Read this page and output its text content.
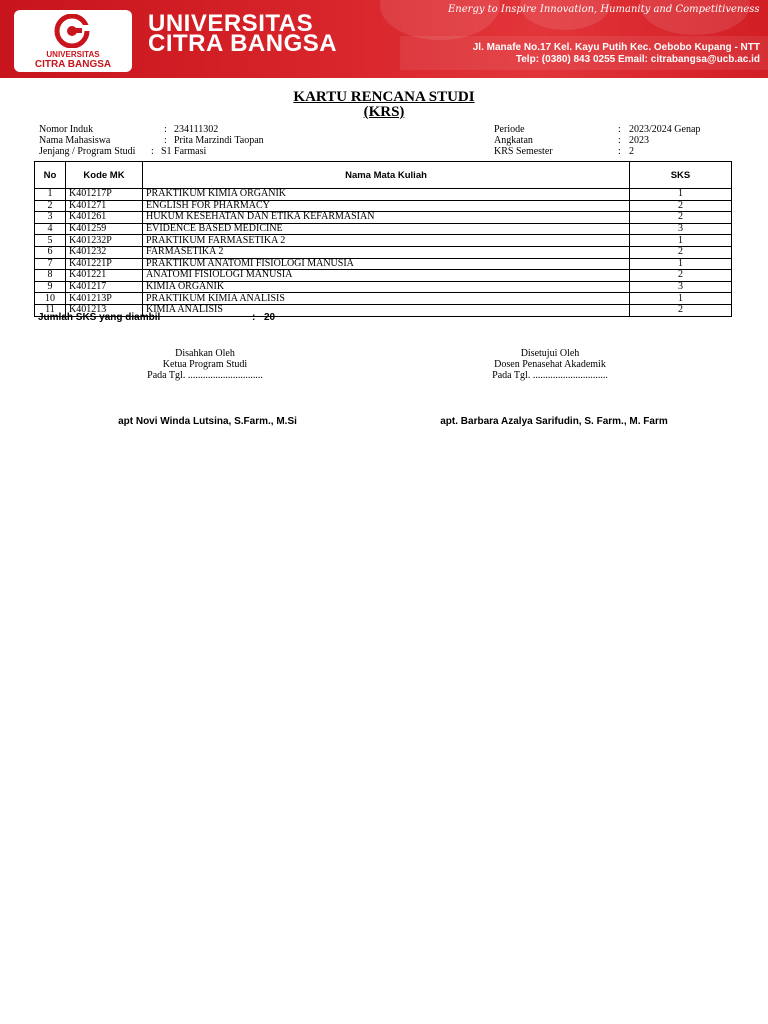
UNIVERSITAS
CITRA BANGSA
UNIVERSITAS
CITRA BANGSA
Energy to Inspire Innovation, Humanity and Competitiveness
Jl. Manafe No.17 Kel. Kayu Putih Kec. Oebobo Kupang - NTT
Telp: (0380) 843 0255 Email: citrabangsa@ucb.ac.id
KARTU RENCANA STUDI
(KRS)
Nomor Induk	: 234111302
Nama Mahasiswa	: Prita Marzindi Taopan
Jenjang / Program Studi : S1 Farmasi
Periode	: 2023/2024 Genap
Angkatan	: 2023
KRS Semester	: 2
No	Kode MK	Nama Mata Kuliah	SKS
1	K401217P	PRAKTIKUM KIMIA ORGANIK	1
2	K401271	ENGLISH FOR PHARMACY	2
3	K401261	HUKUM KESEHATAN DAN ETIKA KEFARMASIAN	2
4	K401259	EVIDENCE BASED MEDICINE	3
5	K401232P	PRAKTIKUM FARMASETIKA 2	1
6	K401232	FARMASETIKA 2	2
7	K401221P	PRAKTIKUM ANATOMI FISIOLOGI MANUSIA	1
8	K401221	ANATOMI FISIOLOGI MANUSIA	2
9	K401217	KIMIA ORGANIK	3
10	K401213P	PRAKTIKUM KIMIA ANALISIS	1
11	K401213	KIMIA ANALISIS	2
Jumlah SKS yang diambil	: 20
Disahkan Oleh
Ketua Program Studi
Pada Tgl. ..............................
Disetujui Oleh
Dosen Penasehat Akademik
Pada Tgl. ..............................
apt Novi Winda Lutsina, S.Farm., M.Si	apt. Barbara Azalya Sarifudin, S. Farm., M. Farm
